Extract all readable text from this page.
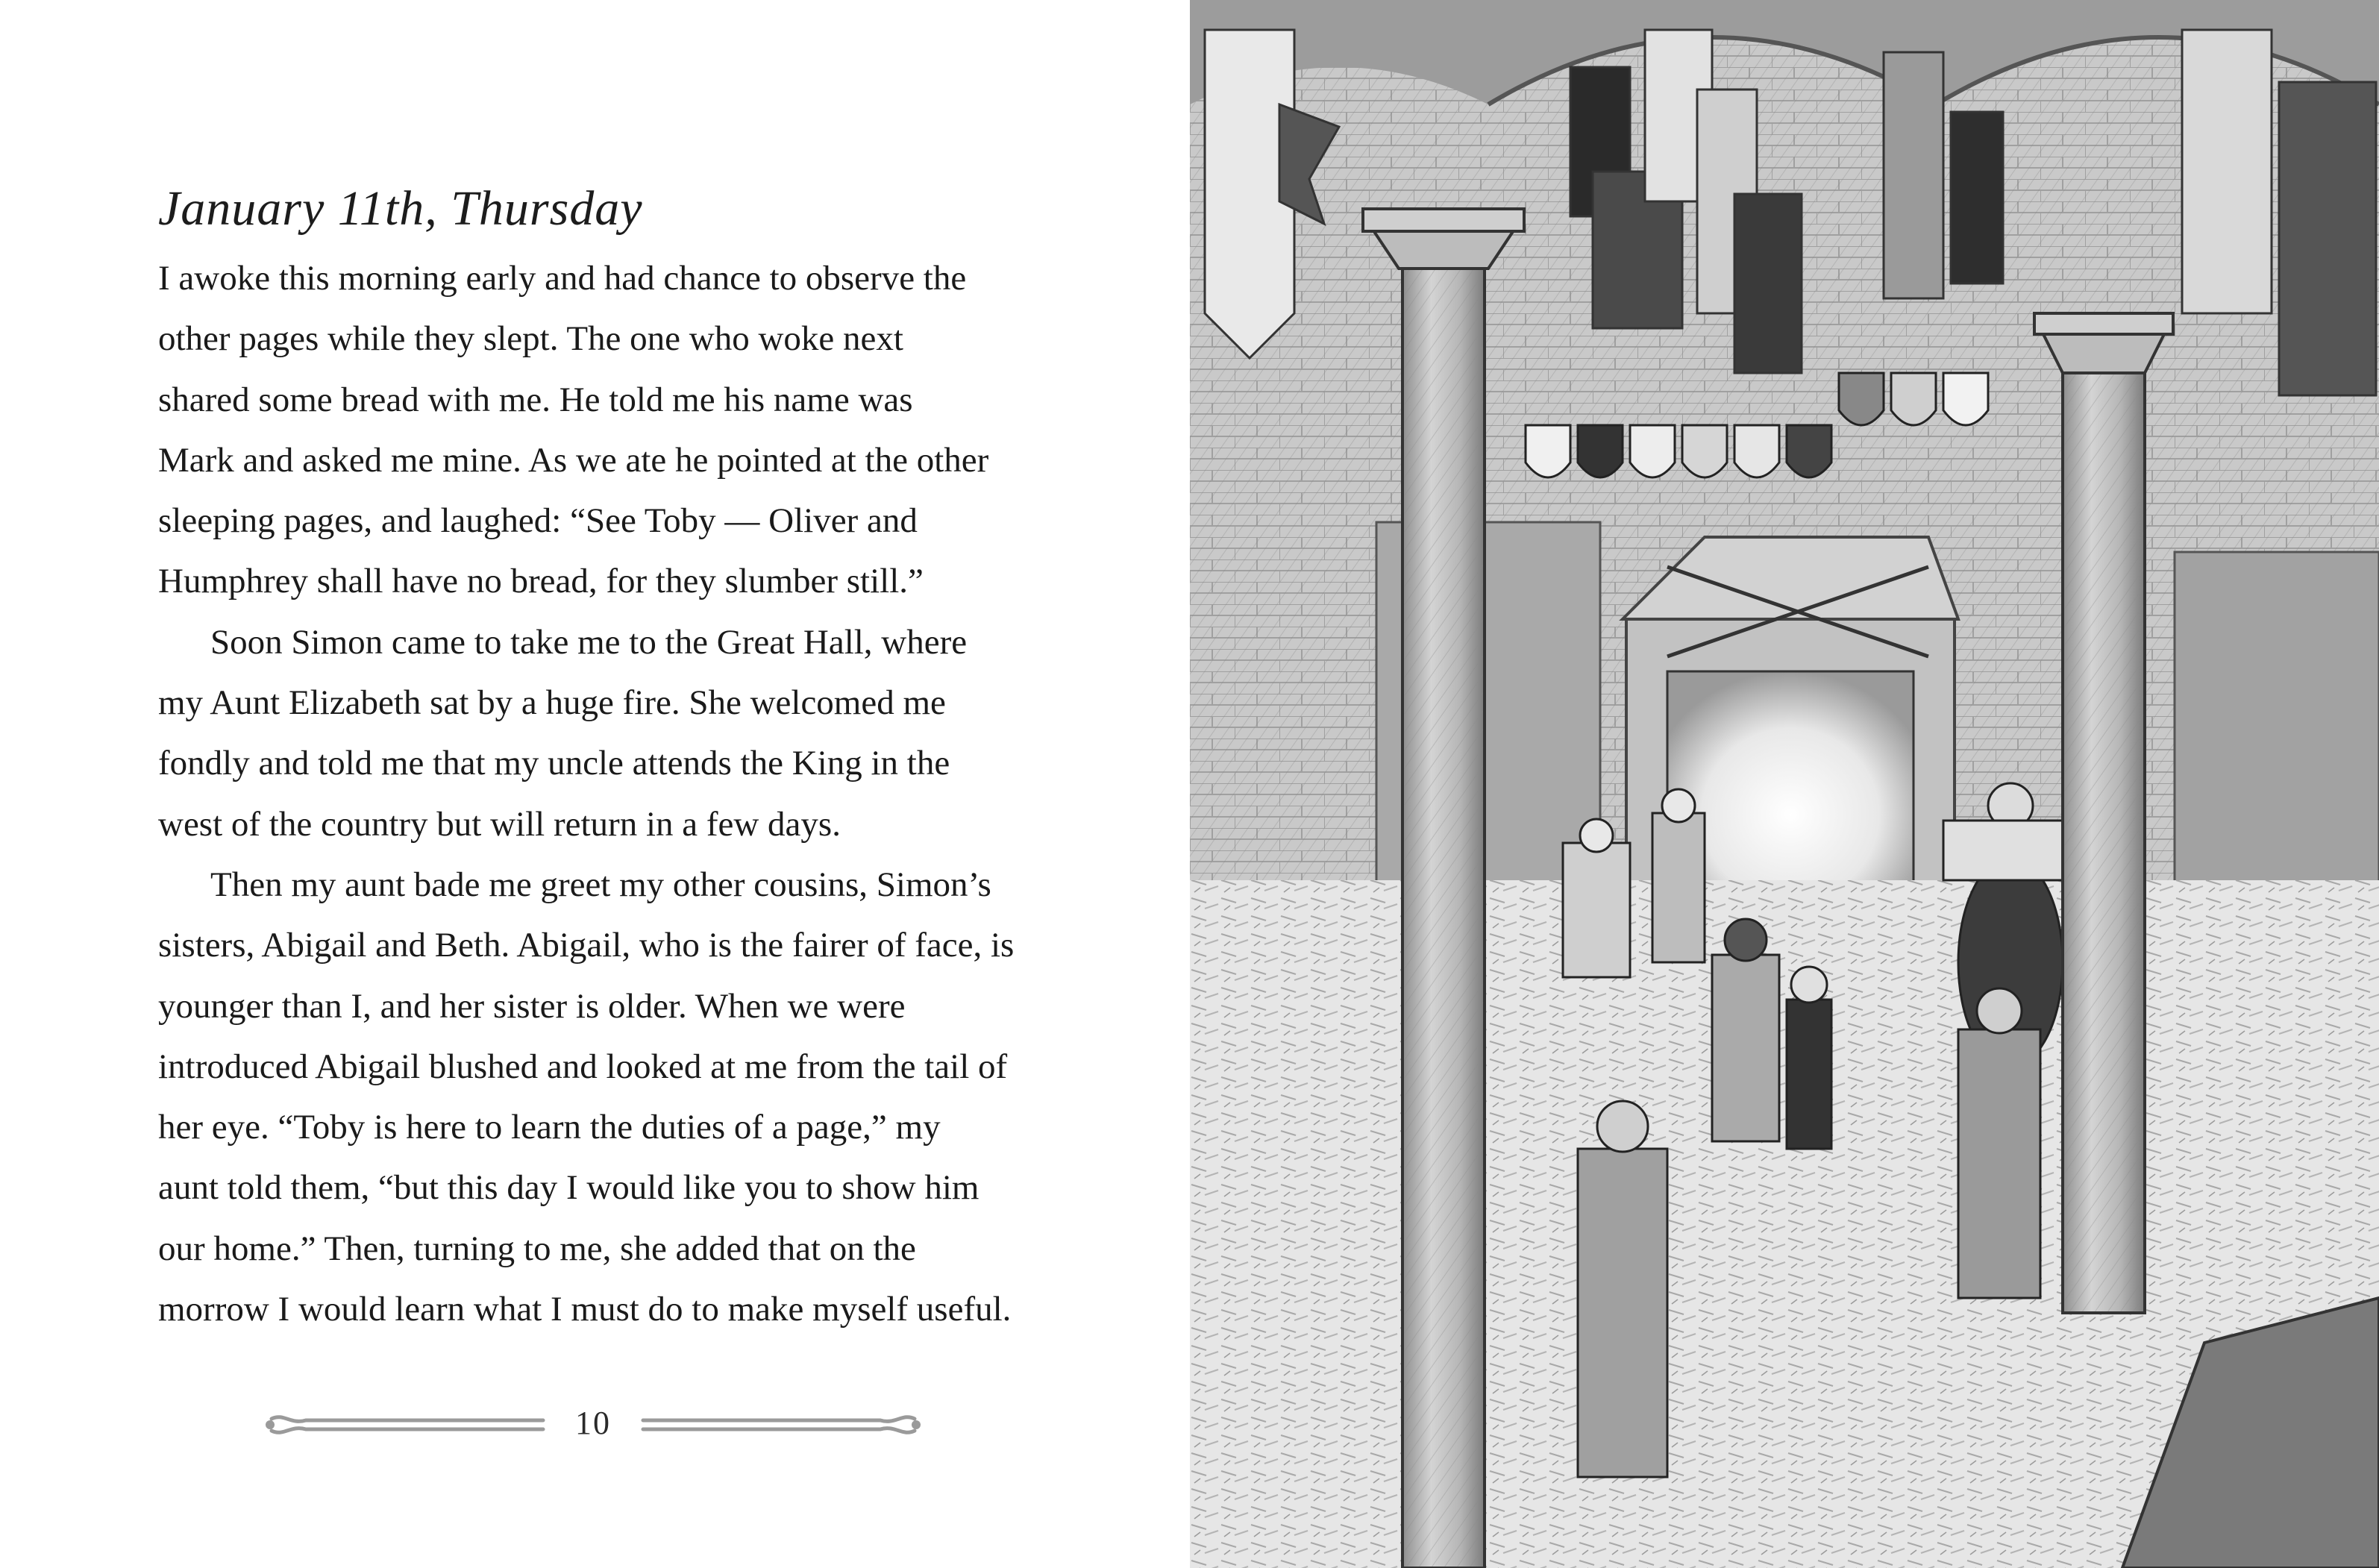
January 11th, Thursday
I awoke this morning early and had chance to observe the
other pages while they slept. The one who woke next
shared some bread with me. He told me his name was
Mark and asked me mine. As we ate he pointed at the other
sleeping pages, and laughed: “See Toby — Oliver and
Humphrey shall have no bread, for they slumber still.”
Soon Simon came to take me to the Great Hall, where
my Aunt Elizabeth sat by a huge fire. She welcomed me
fondly and told me that my uncle attends the King in the
west of the country but will return in a few days.
Then my aunt bade me greet my other cousins, Simon’s
sisters, Abigail and Beth. Abigail, who is the fairer of face, is
younger than I, and her sister is older. When we were
introduced Abigail blushed and looked at me from the tail of
her eye. “Toby is here to learn the duties of a page,” my
aunt told them, “but this day I would like you to show him
our home.” Then, turning to me, she added that on the
morrow I would learn what I must do to make myself useful.
10
